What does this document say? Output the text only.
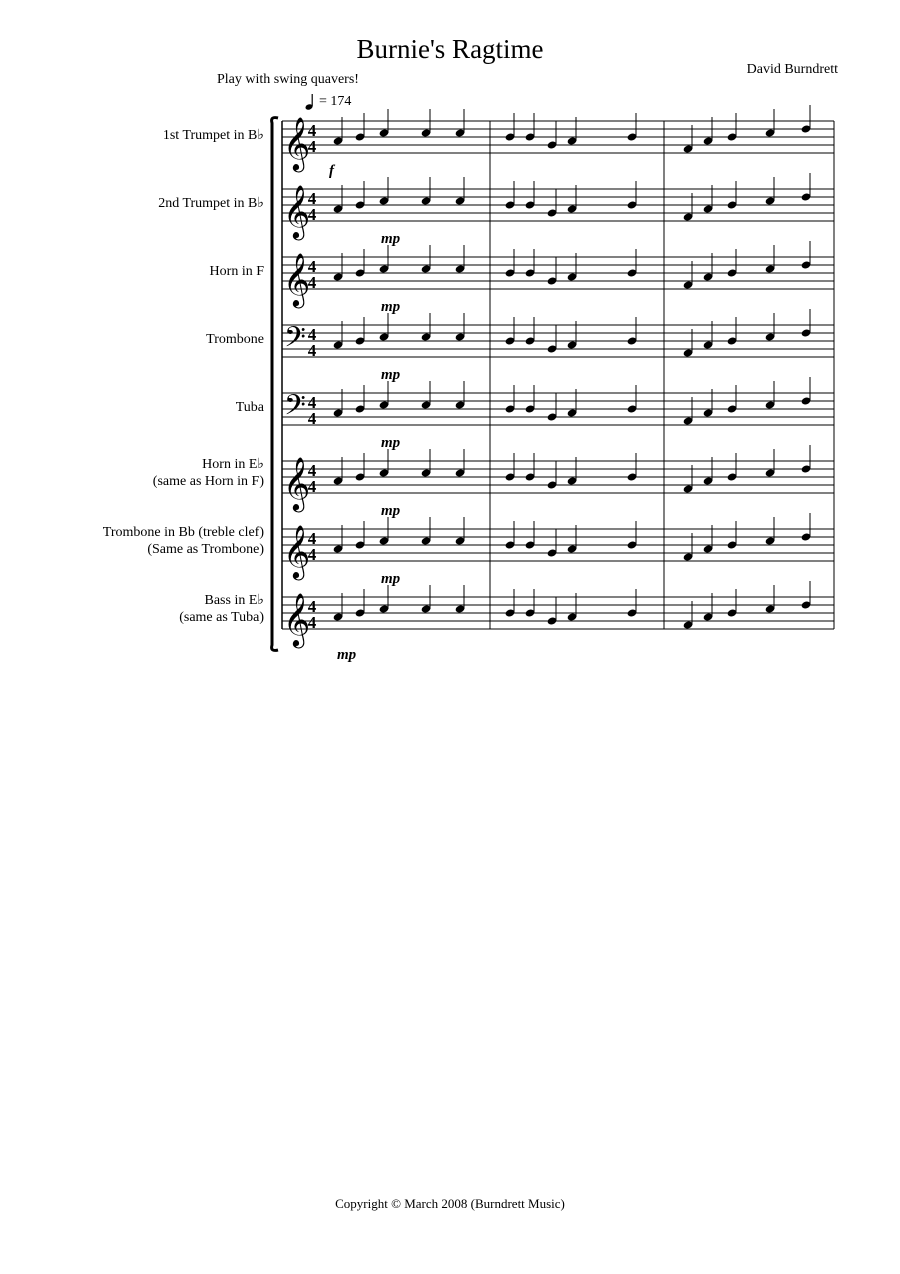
Burnie's Ragtime
David Burndrett
Play with swing quavers!
= 174
1st Trumpet in B♭
2nd Trumpet in B♭
Horn in F
Trombone
Tuba
Horn in E♭
(same as Horn in F)
Trombone in Bb (treble clef)
(Same as Trombone)
Bass in E♭
(same as Tuba)
𝄞
4
4
f
𝄞
4
4
mp
𝄞
4
4
mp
𝄢 4
4
mp
𝄢 4
4
mp
𝄞
4
4
mp
𝄞
4
4
mp
𝄞
4
4
mp
Copyright © March 2008 (Burndrett Music)
